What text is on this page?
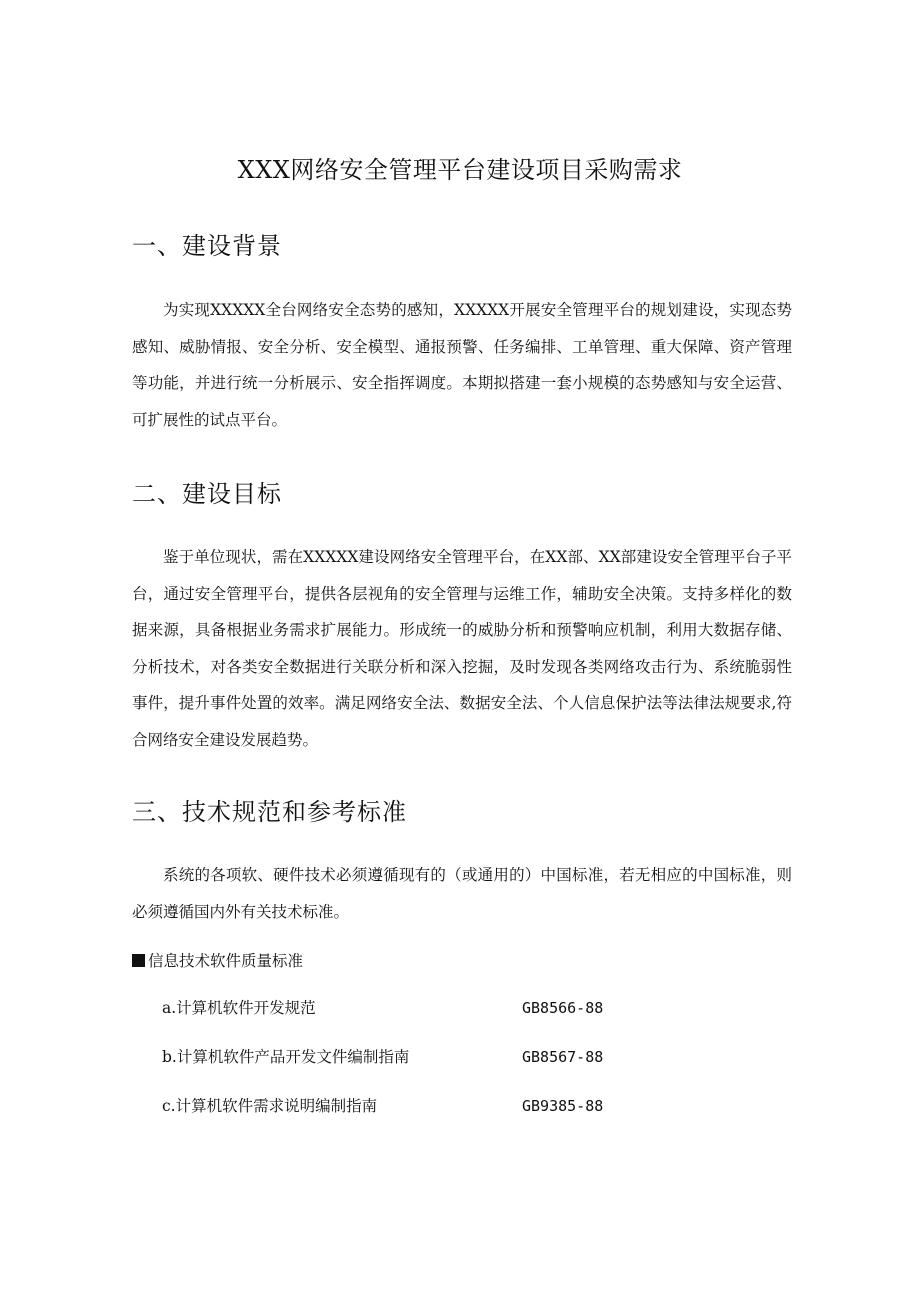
XXX网络安全管理平台建设项目采购需求
一、建设背景

为实现XXXXX全台网络安全态势的感知，XXXXX开展安全管理平台的规划建设，实现态势感知、威胁情报、安全分析、安全模型、通报预警、任务编排、工单管理、重大保障、资产管理等功能，并进行统一分析展示、安全指挥调度。本期拟搭建一套小规模的态势感知与安全运营、可扩展性的试点平台。

二、建设目标

鉴于单位现状，需在XXXXX建设网络安全管理平台，在XX部、XX部建设安全管理平台子平台，通过安全管理平台，提供各层视角的安全管理与运维工作，辅助安全决策。支持多样化的数据来源，具备根据业务需求扩展能力。形成统一的威胁分析和预警响应机制，利用大数据存储、分析技术，对各类安全数据进行关联分析和深入挖掘，及时发现各类网络攻击行为、系统脆弱性事件，提升事件处置的效率。满足网络安全法、数据安全法、个人信息保护法等法律法规要求,符合网络安全建设发展趋势。

三、技术规范和参考标准

系统的各项软、硬件技术必须遵循现有的（或通用的）中国标准，若无相应的中国标准，则必须遵循国内外有关技术标准。

信息技术软件质量标准

a.计算机软件开发规范	GB8566-88
b.计算机软件产品开发文件编制指南	GB8567-88
c.计算机软件需求说明编制指南	GB9385-88
